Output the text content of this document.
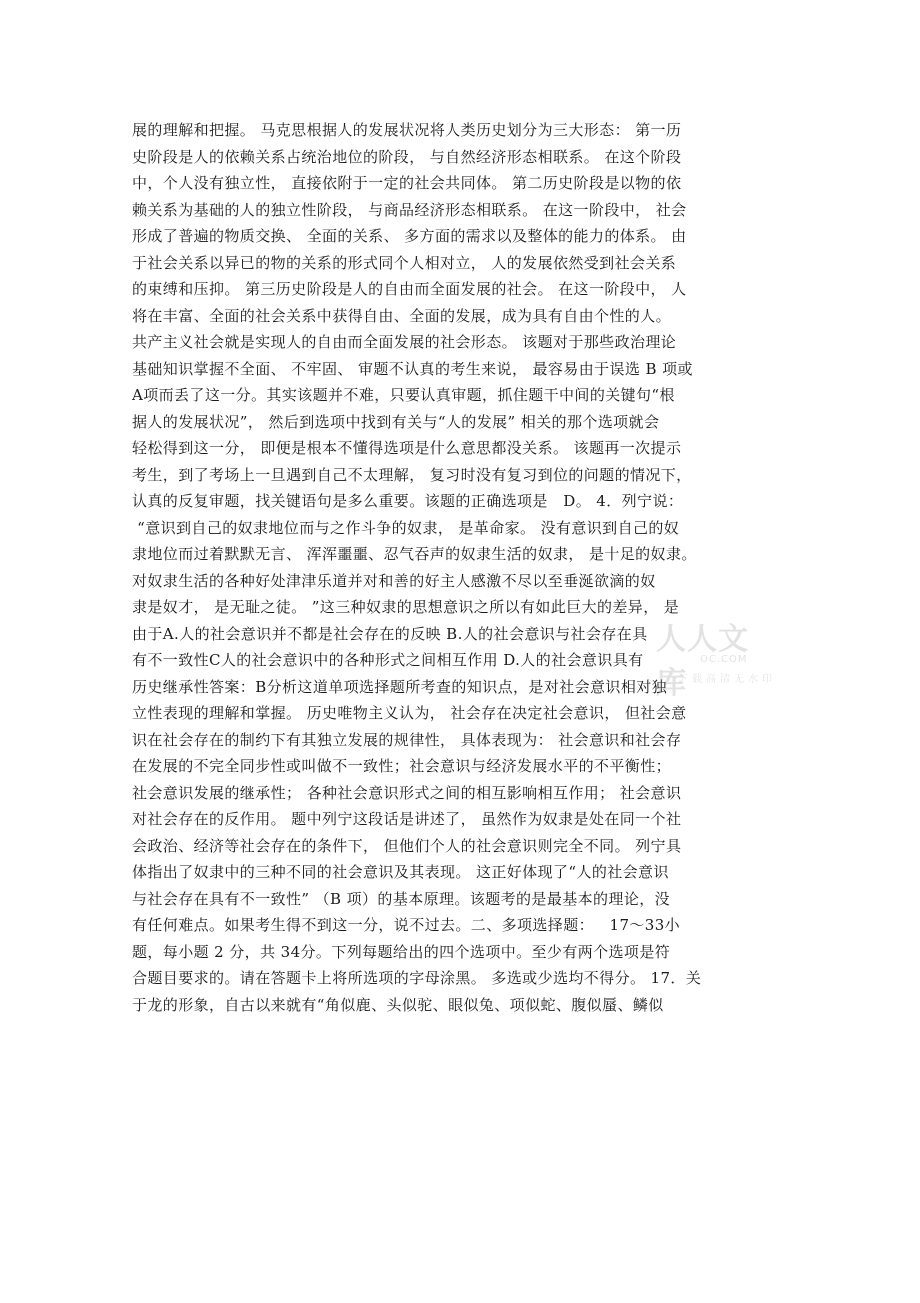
展的理解和把握。 马克思根据人的发展状况将人类历史划分为三大形态： 第一历
史阶段是人的依赖关系占统治地位的阶段， 与自然经济形态相联系。 在这个阶段
中，个人没有独立性， 直接依附于一定的社会共同体。 第二历史阶段是以物的依
赖关系为基础的人的独立性阶段， 与商品经济形态相联系。 在这一阶段中， 社会
形成了普遍的物质交换、 全面的关系、 多方面的需求以及整体的能力的体系。 由
于社会关系以异已的物的关系的形式同个人相对立， 人的发展依然受到社会关系
的束缚和压抑。 第三历史阶段是人的自由而全面发展的社会。 在这一阶段中， 人
将在丰富、全面的社会关系中获得自由、全面的发展，成为具有自由个性的人。
共产主义社会就是实现人的自由而全面发展的社会形态。 该题对于那些政治理论
基础知识掌握不全面、 不牢固、 审题不认真的考生来说， 最容易由于误选 B 项或
A项而丢了这一分。其实该题并不难，只要认真审题，抓住题干中间的关键句“根
据人的发展状况”， 然后到选项中找到有关与“人的发展” 相关的那个选项就会
轻松得到这一分， 即便是根本不懂得选项是什么意思都没关系。 该题再一次提示
考生，到了考场上一旦遇到自己不太理解， 复习时没有复习到位的问题的情况下，
认真的反复审题，找关键语句是多么重要。该题的正确选项是   D。 4．列宁说：
“意识到自己的奴隶地位而与之作斗争的奴隶， 是革命家。 没有意识到自己的奴
隶地位而过着默默无言、 浑浑噩噩、忍气吞声的奴隶生活的奴隶， 是十足的奴隶。
对奴隶生活的各种好处津津乐道并对和善的好主人感激不尽以至垂涎欲滴的奴
隶是奴才， 是无耻之徒。 ”这三种奴隶的思想意识之所以有如此巨大的差异， 是
由于A.人的社会意识并不都是社会存在的反映 B.人的社会意识与社会存在具
有不一致性C人的社会意识中的各种形式之间相互作用 D.人的社会意识具有
历史继承性答案：B分析这道单项选择题所考查的知识点，是对社会意识相对独
立性表现的理解和掌握。 历史唯物主义认为， 社会存在决定社会意识， 但社会意
识在社会存在的制约下有其独立发展的规律性， 具体表现为： 社会意识和社会存
在发展的不完全同步性或叫做不一致性；社会意识与经济发展水平的不平衡性；
社会意识发展的继承性； 各种社会意识形式之间的相互影响相互作用； 社会意识
对社会存在的反作用。 题中列宁这段话是讲述了， 虽然作为奴隶是处在同一个社
会政治、经济等社会存在的条件下， 但他们个人的社会意识则完全不同。 列宁具
体指出了奴隶中的三种不同的社会意识及其表现。 这正好体现了“人的社会意识
与社会存在具有不一致性” （B 项）的基本原理。该题考的是最基本的理论，没
有任何难点。如果考生得不到这一分，说不过去。二、多项选择题：   17～33小
题，每小题 2 分，共 34分。下列每题给出的四个选项中。至少有两个选项是符
合题目要求的。请在答题卡上将所选项的字母涂黑。 多选或少选均不得分。 17．关
于龙的形象，自古以来就有“角似鹿、头似驼、眼似兔、项似蛇、腹似蜃、鳞似
人人文库
OC.COM
下载高清无水印
